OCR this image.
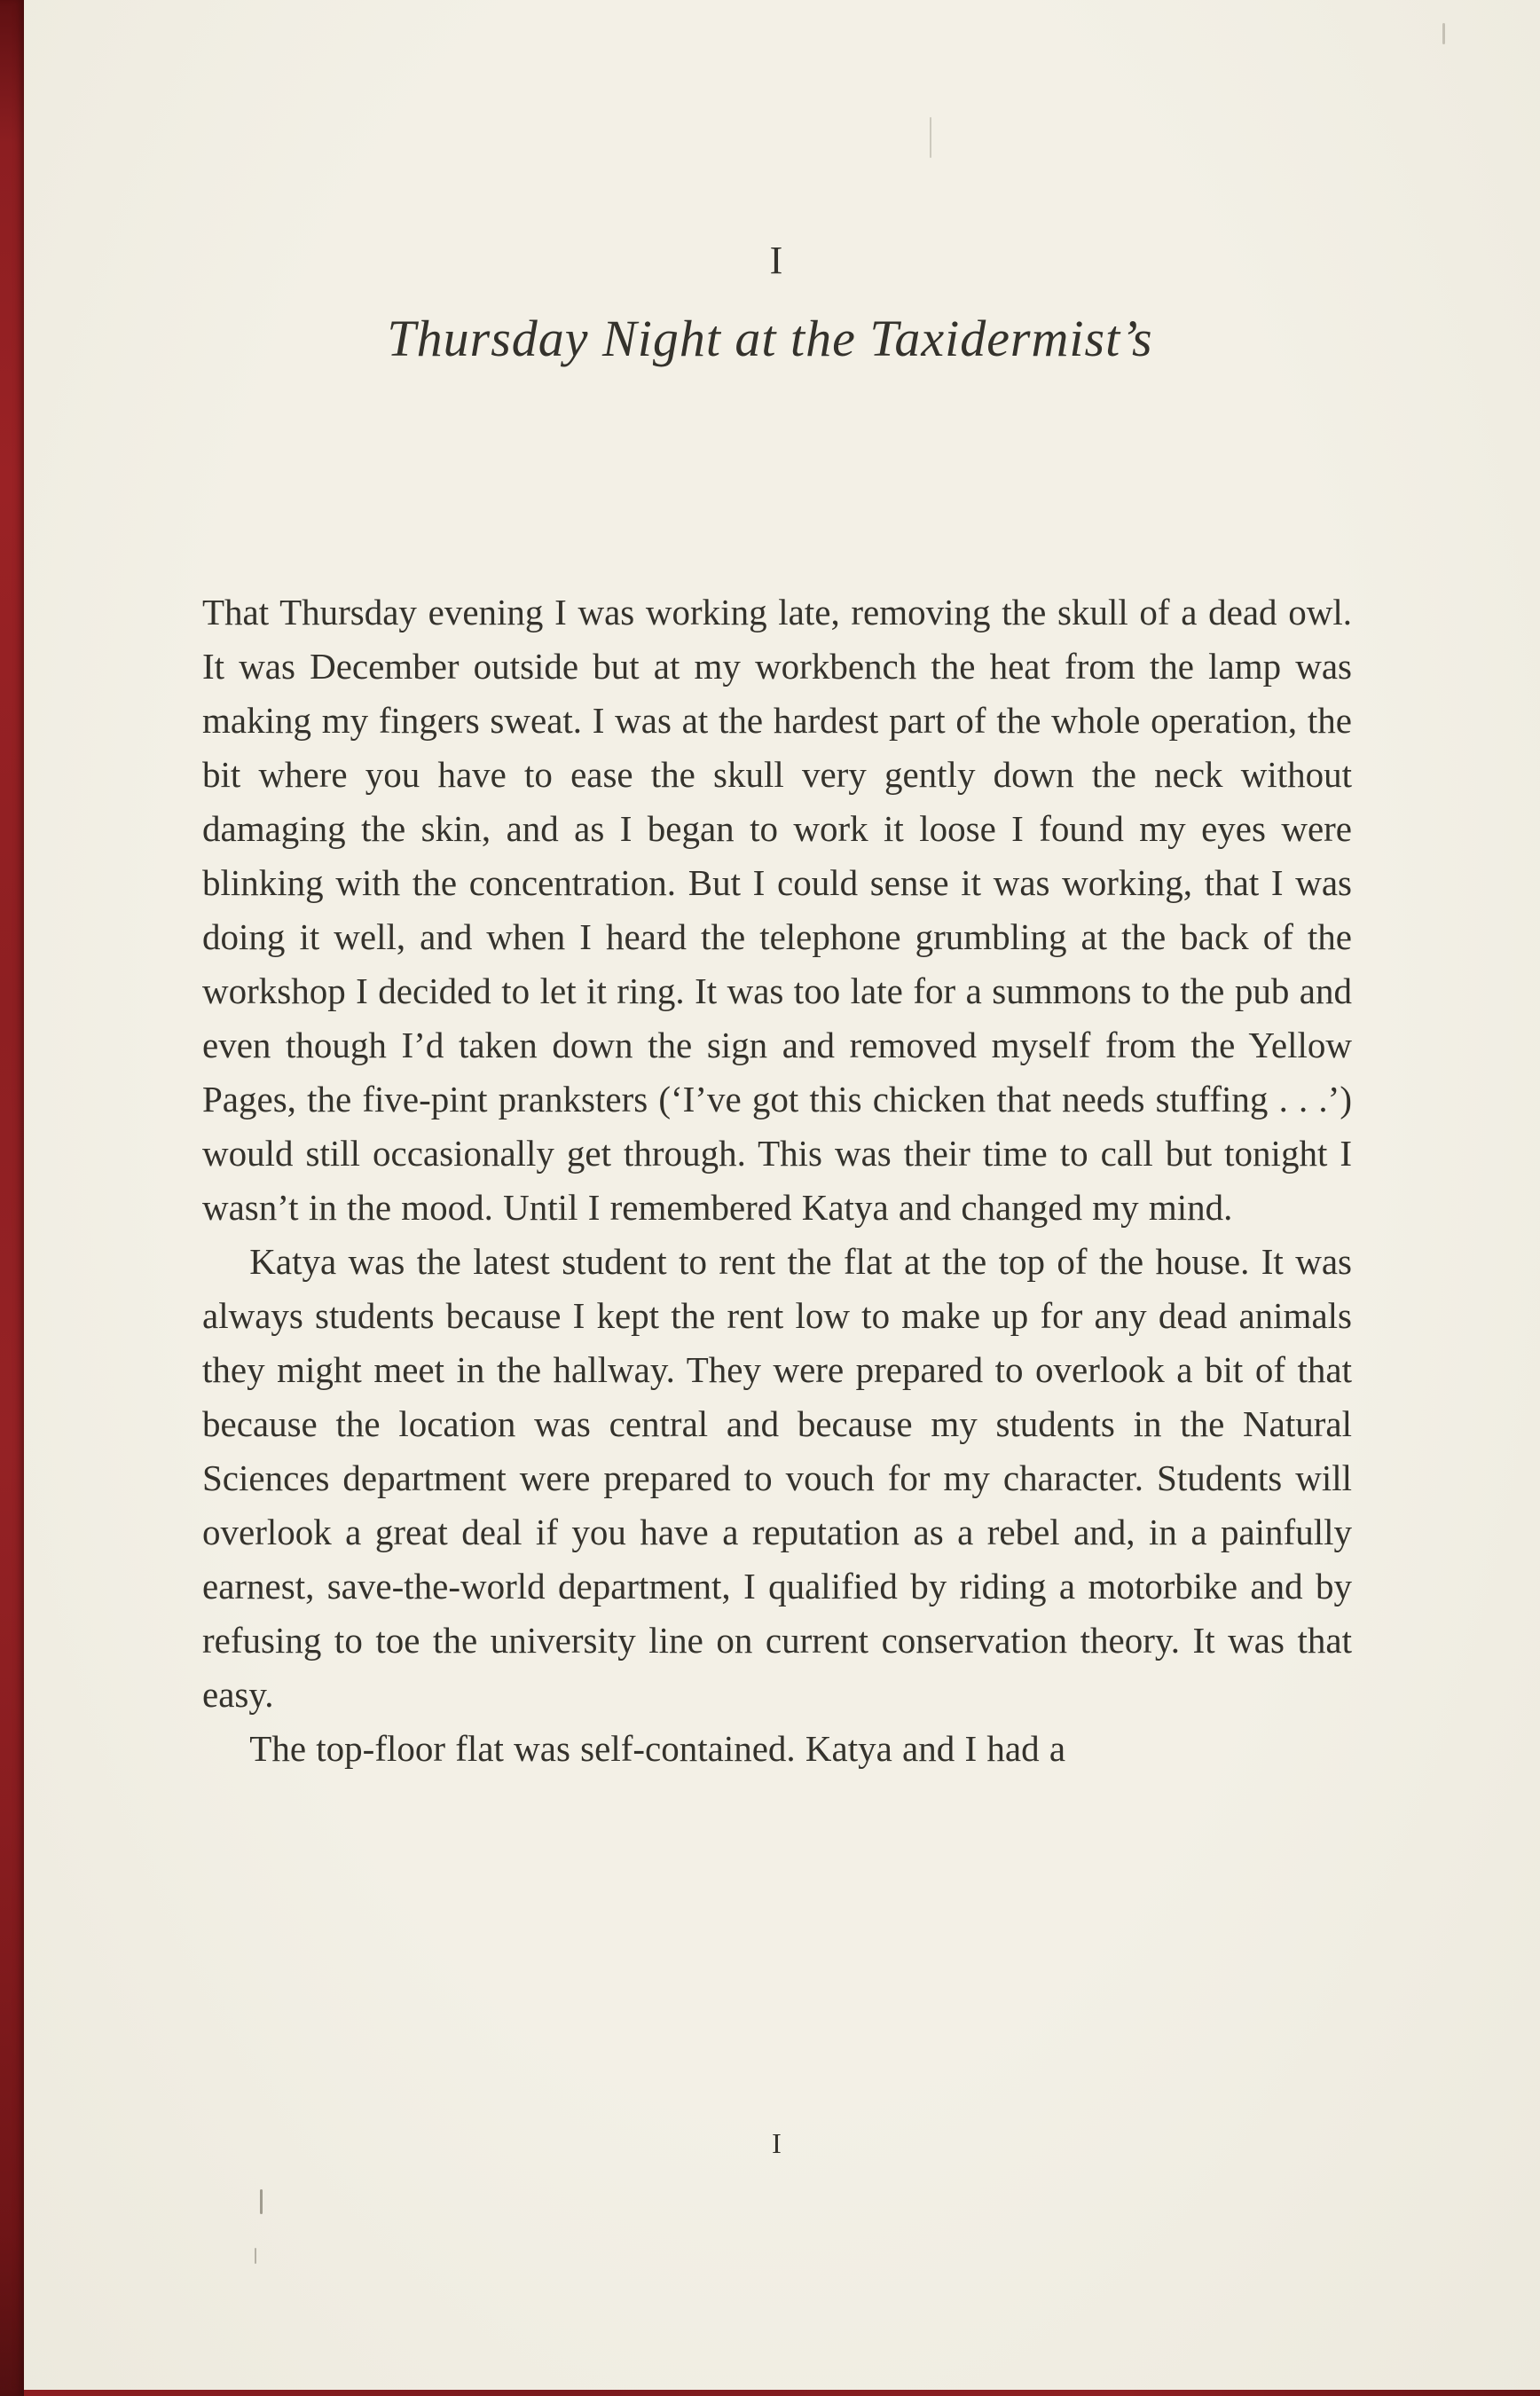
I
Thursday Night at the Taxidermist’s

That Thursday evening I was working late, removing the skull of a dead owl. It was December outside but at my workbench the heat from the lamp was making my fingers sweat. I was at the hardest part of the whole operation, the bit where you have to ease the skull very gently down the neck without damaging the skin, and as I began to work it loose I found my eyes were blinking with the concentration. But I could sense it was working, that I was doing it well, and when I heard the telephone grumbling at the back of the workshop I decided to let it ring. It was too late for a summons to the pub and even though I’d taken down the sign and removed myself from the Yellow Pages, the five-pint pranksters (‘I’ve got this chicken that needs stuffing . . .’) would still occasionally get through. This was their time to call but tonight I wasn’t in the mood. Until I remembered Katya and changed my mind.

Katya was the latest student to rent the flat at the top of the house. It was always students because I kept the rent low to make up for any dead animals they might meet in the hallway. They were prepared to overlook a bit of that because the location was central and because my students in the Natural Sciences department were prepared to vouch for my character. Students will overlook a great deal if you have a reputation as a rebel and, in a painfully earnest, save-the-world department, I qualified by riding a motorbike and by refusing to toe the university line on current conservation theory. It was that easy.

The top-floor flat was self-contained. Katya and I had a

I
